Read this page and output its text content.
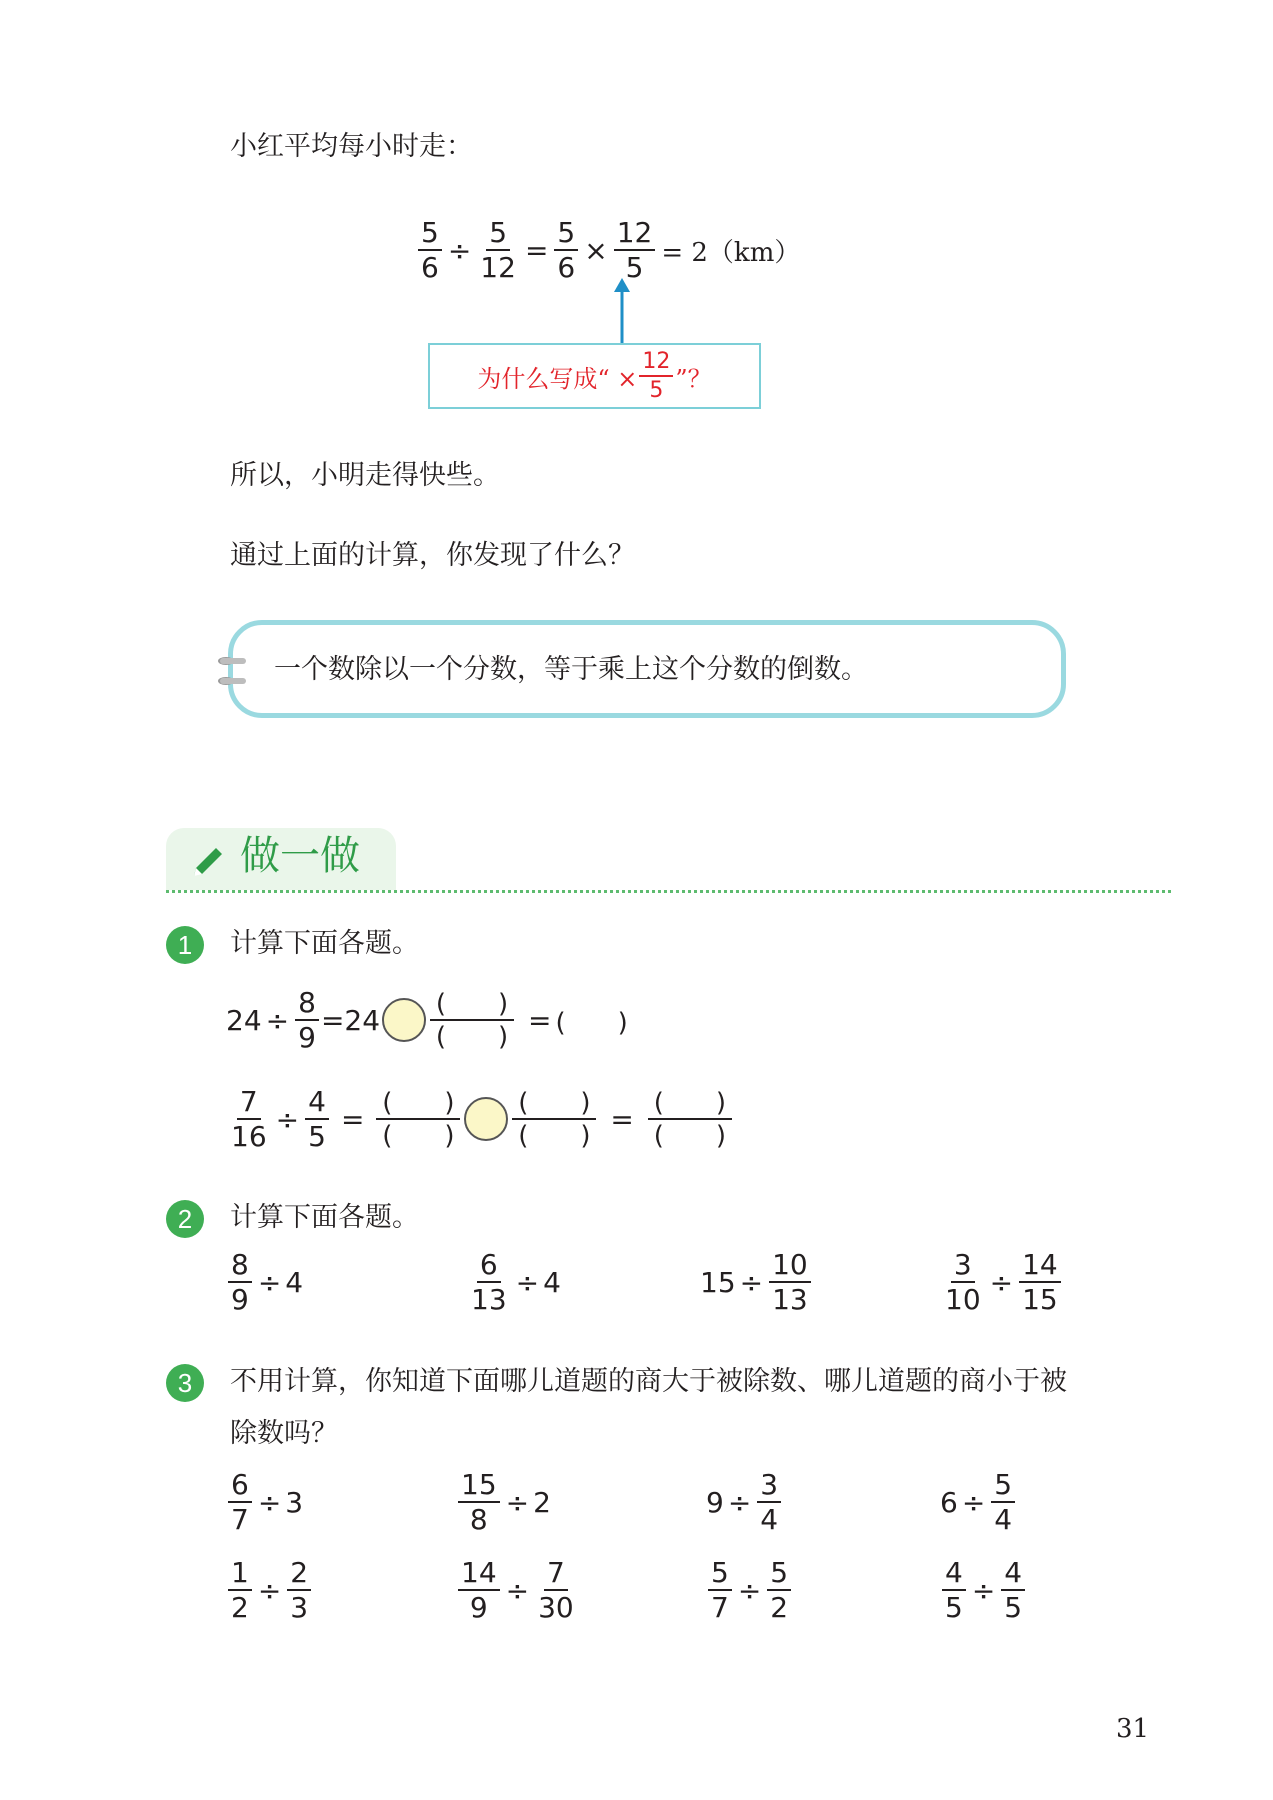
小红平均每小时走：
$\frac{5}{6} \div \frac{5}{12} = \frac{5}{6} \times \frac{12}{5} = 2(km)$
为什么写成“ × $\frac{12}{5}$ ”？
所以，小明走得快些。
通过上面的计算，你发现了什么？
一个数除以一个分数，等于乘上这个分数的倒数。
做一做
1	计算下面各题。
$24 \div \frac{8}{9} =24 \frac{( )}{( )}$ = (　　)
$\frac{7}{16} \div \frac{4}{5} = \frac{( )}{( )} \frac{( )}{( )} = \frac{( )}{( )}$
2	计算下面各题。
$\frac{8}{9} \div 4$	$\frac{6}{13} \div 4$	$15 \div \frac{10}{13}$	$\frac{3}{10} \div \frac{14}{15}$
3	不用计算，你知道下面哪儿道题的商大于被除数、哪儿道题的商小于被
除数吗？
$\frac{6}{7} \div 3$	$\frac{15}{8} \div 2$	$9 \div \frac{3}{4}$	$6 \div \frac{5}{4}$
$\frac{1}{2} \div \frac{2}{3}$	$\frac{14}{9} \div \frac{7}{30}$	$\frac{5}{7} \div \frac{5}{2}$	$\frac{4}{5} \div \frac{4}{5}$
31
